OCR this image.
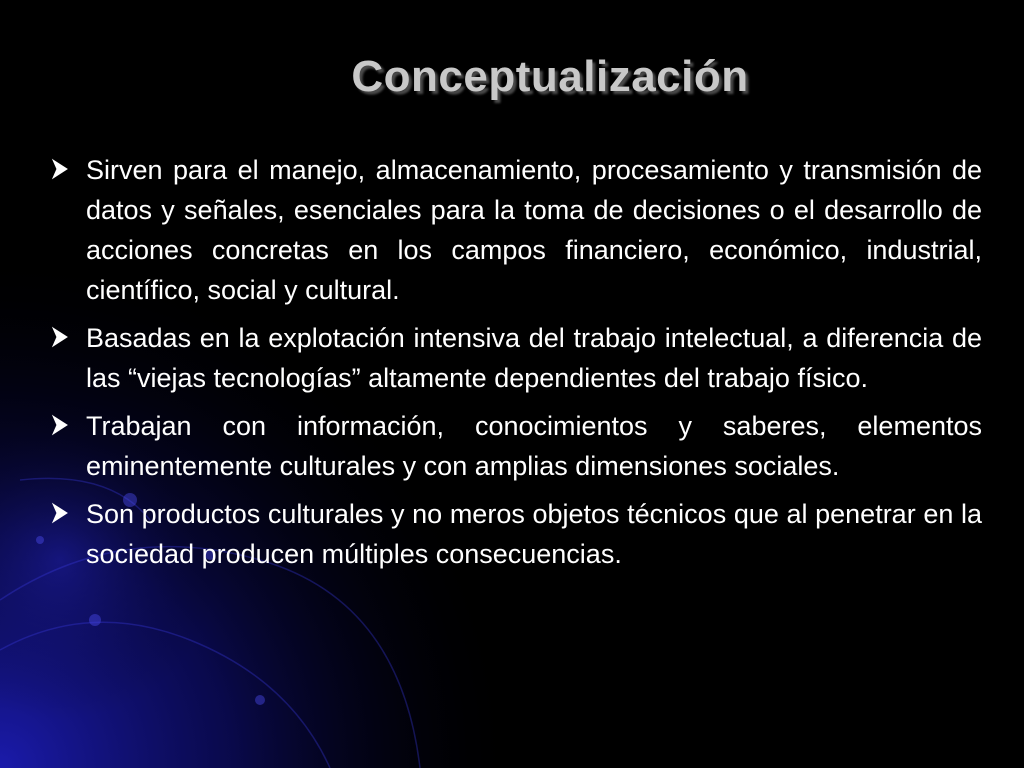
Conceptualización
Sirven para el manejo, almacenamiento, procesamiento y transmisión de datos y señales, esenciales para la toma de decisiones o el desarrollo de acciones concretas en los campos financiero, económico, industrial, científico, social y cultural.
Basadas en la explotación intensiva del trabajo intelectual, a diferencia de las “viejas tecnologías” altamente dependientes del trabajo físico.
Trabajan con información, conocimientos y saberes, elementos eminentemente culturales y con amplias dimensiones sociales.
Son productos culturales y no meros objetos técnicos que al penetrar en la sociedad producen múltiples consecuencias.
